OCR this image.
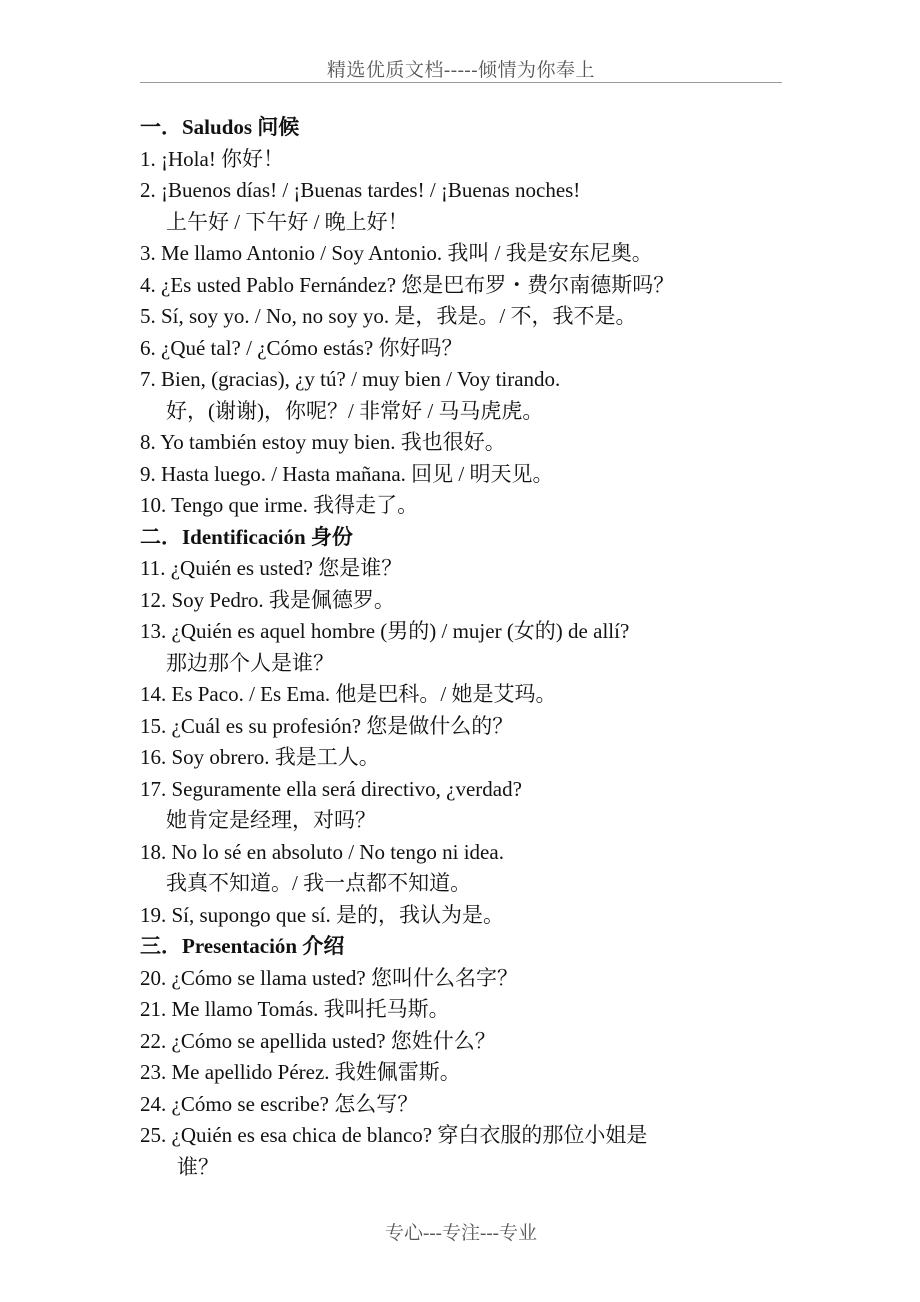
精选优质文档-----倾情为你奉上
一．Saludos 问候
1. ¡Hola! 你好！
2. ¡Buenos días! / ¡Buenas tardes! / ¡Buenas noches!
上午好 / 下午好 / 晚上好！
3. Me llamo Antonio / Soy Antonio. 我叫 / 我是安东尼奥。
4. ¿Es usted Pablo Fernández? 您是巴布罗・费尔南德斯吗？
5. Sí, soy yo. / No, no soy yo. 是，我是。/ 不，我不是。
6. ¿Qué tal? / ¿Cómo estás? 你好吗？
7. Bien, (gracias), ¿y tú? / muy bien / Voy tirando.
好，(谢谢)，你呢？/ 非常好 / 马马虎虎。
8. Yo también estoy muy bien. 我也很好。
9. Hasta luego. / Hasta mañana. 回见 / 明天见。
10. Tengo que irme. 我得走了。
二．Identificación 身份
11. ¿Quién es usted? 您是谁？
12. Soy Pedro. 我是佩德罗。
13. ¿Quién es aquel hombre (男的) / mujer (女的) de allí?
那边那个人是谁？
14. Es Paco. / Es Ema. 他是巴科。/ 她是艾玛。
15. ¿Cuál es su profesión? 您是做什么的？
16. Soy obrero. 我是工人。
17. Seguramente ella será directivo, ¿verdad?
她肯定是经理，对吗？
18. No lo sé en absoluto / No tengo ni idea.
我真不知道。/ 我一点都不知道。
19. Sí, supongo que sí. 是的，我认为是。
三．Presentación 介绍
20. ¿Cómo se llama usted? 您叫什么名字？
21. Me llamo Tomás. 我叫托马斯。
22. ¿Cómo se apellida usted? 您姓什么？
23. Me apellido Pérez. 我姓佩雷斯。
24. ¿Cómo se escribe? 怎么写？
25. ¿Quién es esa chica de blanco? 穿白衣服的那位小姐是
谁？
专心---专注---专业
